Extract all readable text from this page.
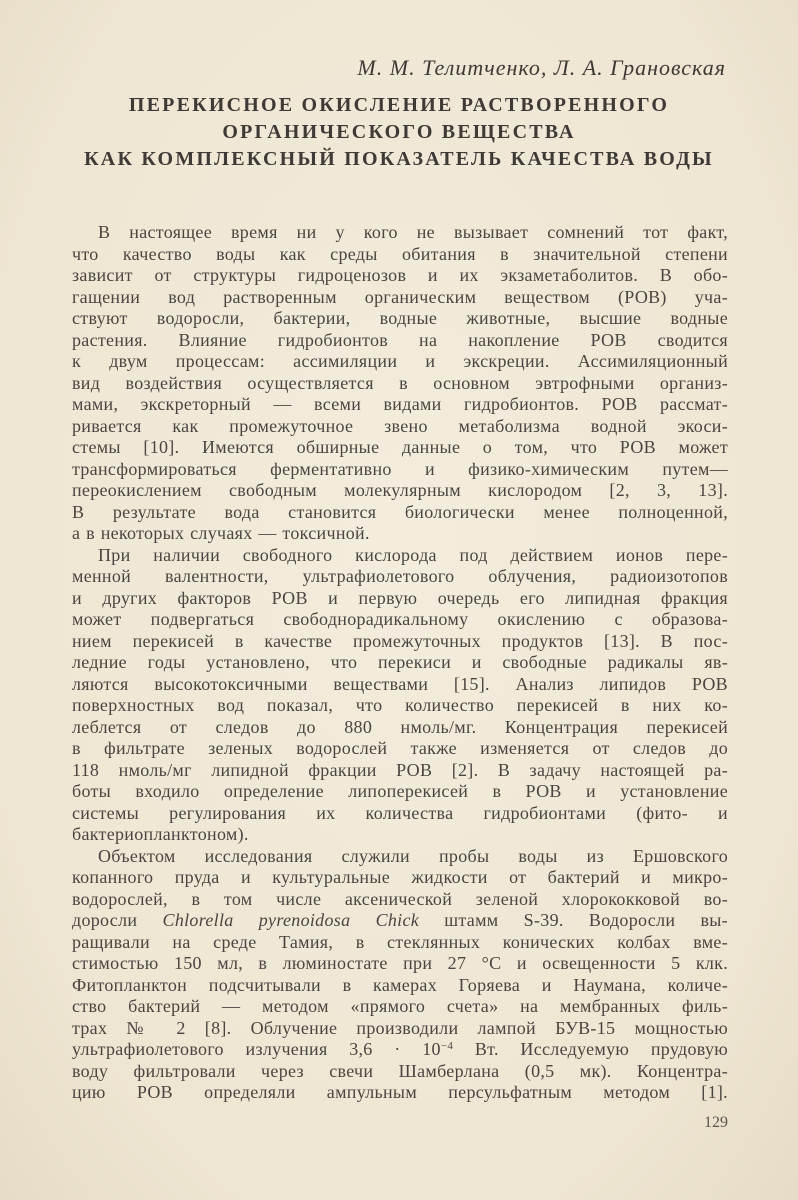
М. М. Телитченко, Л. А. Грановская
ПЕРЕКИСНОЕ ОКИСЛЕНИЕ РАСТВОРЕННОГО
ОРГАНИЧЕСКОГО ВЕЩЕСТВА
КАК КОМПЛЕКСНЫЙ ПОКАЗАТЕЛЬ КАЧЕСТВА ВОДЫ
В настоящее время ни у кого не вызывает сомнений тот факт,
что качество воды как среды обитания в значительной степени
зависит от структуры гидроценозов и их экзаметаболитов. В обо-
гащении вод растворенным органическим веществом (РОВ) уча-
ствуют водоросли, бактерии, водные животные, высшие водные
растения. Влияние гидробионтов на накопление РОВ сводится
к двум процессам: ассимиляции и экскреции. Ассимиляционный
вид воздействия осуществляется в основном эвтрофными организ-
мами, экскреторный — всеми видами гидробионтов. РОВ рассмат-
ривается как промежуточное звено метаболизма водной экоси-
стемы [10]. Имеются обширные данные о том, что РОВ может
трансформироваться ферментативно и физико-химическим путем—
переокислением свободным молекулярным кислородом [2, 3, 13].
В результате вода становится биологически менее полноценной,
а в некоторых случаях — токсичной.
При наличии свободного кислорода под действием ионов пере-
менной валентности, ультрафиолетового облучения, радиоизотопов
и других факторов РОВ и первую очередь его липидная фракция
может подвергаться свободнорадикальному окислению с образова-
нием перекисей в качестве промежуточных продуктов [13]. В пос-
ледние годы установлено, что перекиси и свободные радикалы яв-
ляются высокотоксичными веществами [15]. Анализ липидов РОВ
поверхностных вод показал, что количество перекисей в них ко-
леблется от следов до 880 нмоль/мг. Концентрация перекисей
в фильтрате зеленых водорослей также изменяется от следов до
118 нмоль/мг липидной фракции РОВ [2]. В задачу настоящей ра-
боты входило определение липоперекисей в РОВ и установление
системы регулирования их количества гидробионтами (фито- и
бактериопланктоном).
Объектом исследования служили пробы воды из Ершовского
копанного пруда и культуральные жидкости от бактерий и микро-
водорослей, в том числе аксенической зеленой хлорококковой во-
доросли Chlorella pyrenoidosa Chick штамм S-39. Водоросли вы-
ращивали на среде Тамия, в стеклянных конических колбах вме-
стимостью 150 мл, в люминостате при 27 °С и освещенности 5 клк.
Фитопланктон подсчитывали в камерах Горяева и Наумана, количе-
ство бактерий — методом «прямого счета» на мембранных филь-
трах № 2 [8]. Облучение производили лампой БУВ-15 мощностью
ультрафиолетового излучения $3,6 \cdot 10^{-4}$ Вт. Исследуемую прудовую
воду фильтровали через свечи Шамберлана (0,5 мк). Концентра-
цию РОВ определяли ампульным персульфатным методом [1].
129
